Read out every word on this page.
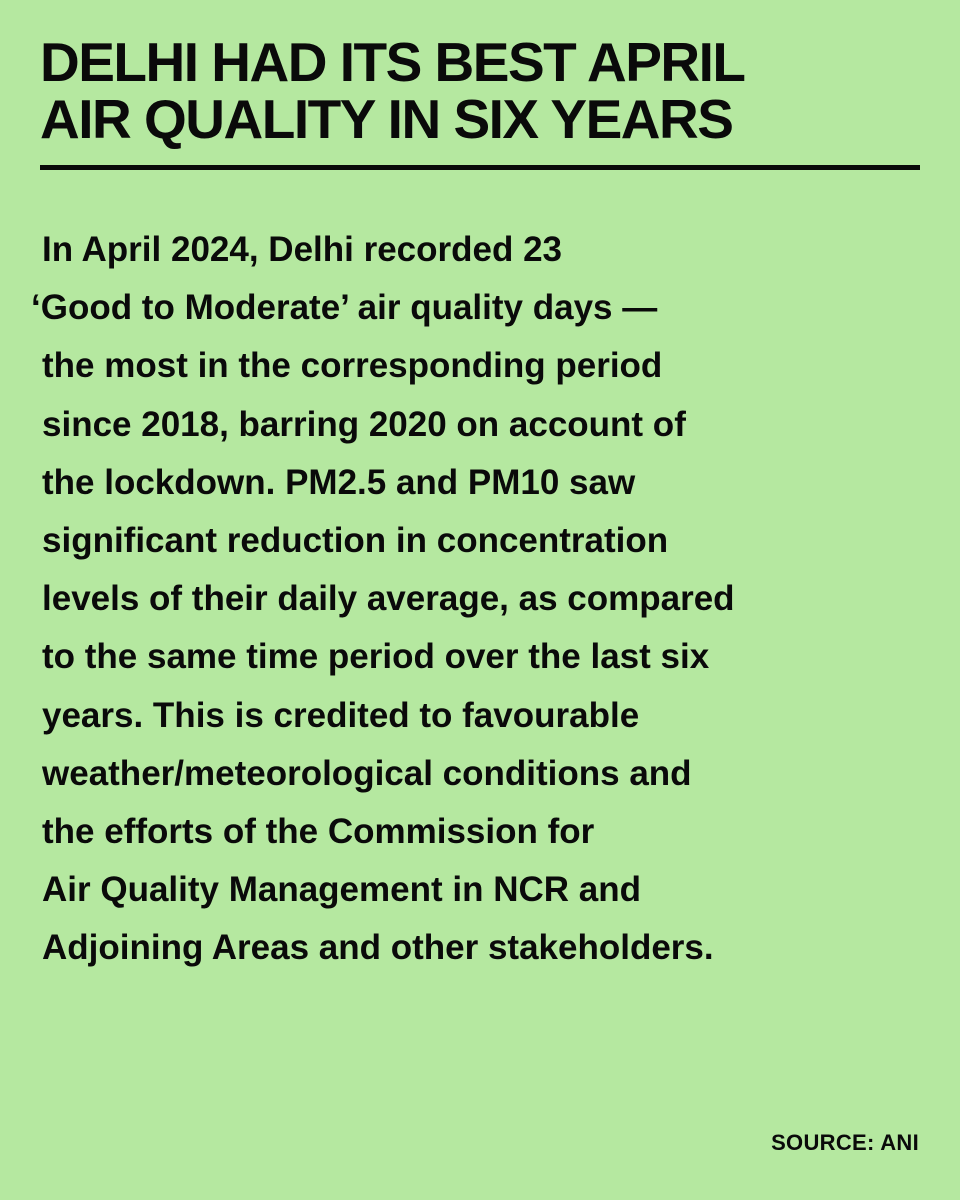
DELHI HAD ITS BEST APRIL
AIR QUALITY IN SIX YEARS

In April 2024, Delhi recorded 23
‘Good to Moderate’ air quality days —
the most in the corresponding period
since 2018, barring 2020 on account of
the lockdown. PM2.5 and PM10 saw
significant reduction in concentration
levels of their daily average, as compared
to the same time period over the last six
years. This is credited to favourable
weather/meteorological conditions and
the efforts of the Commission for
Air Quality Management in NCR and
Adjoining Areas and other stakeholders.

SOURCE: ANI
